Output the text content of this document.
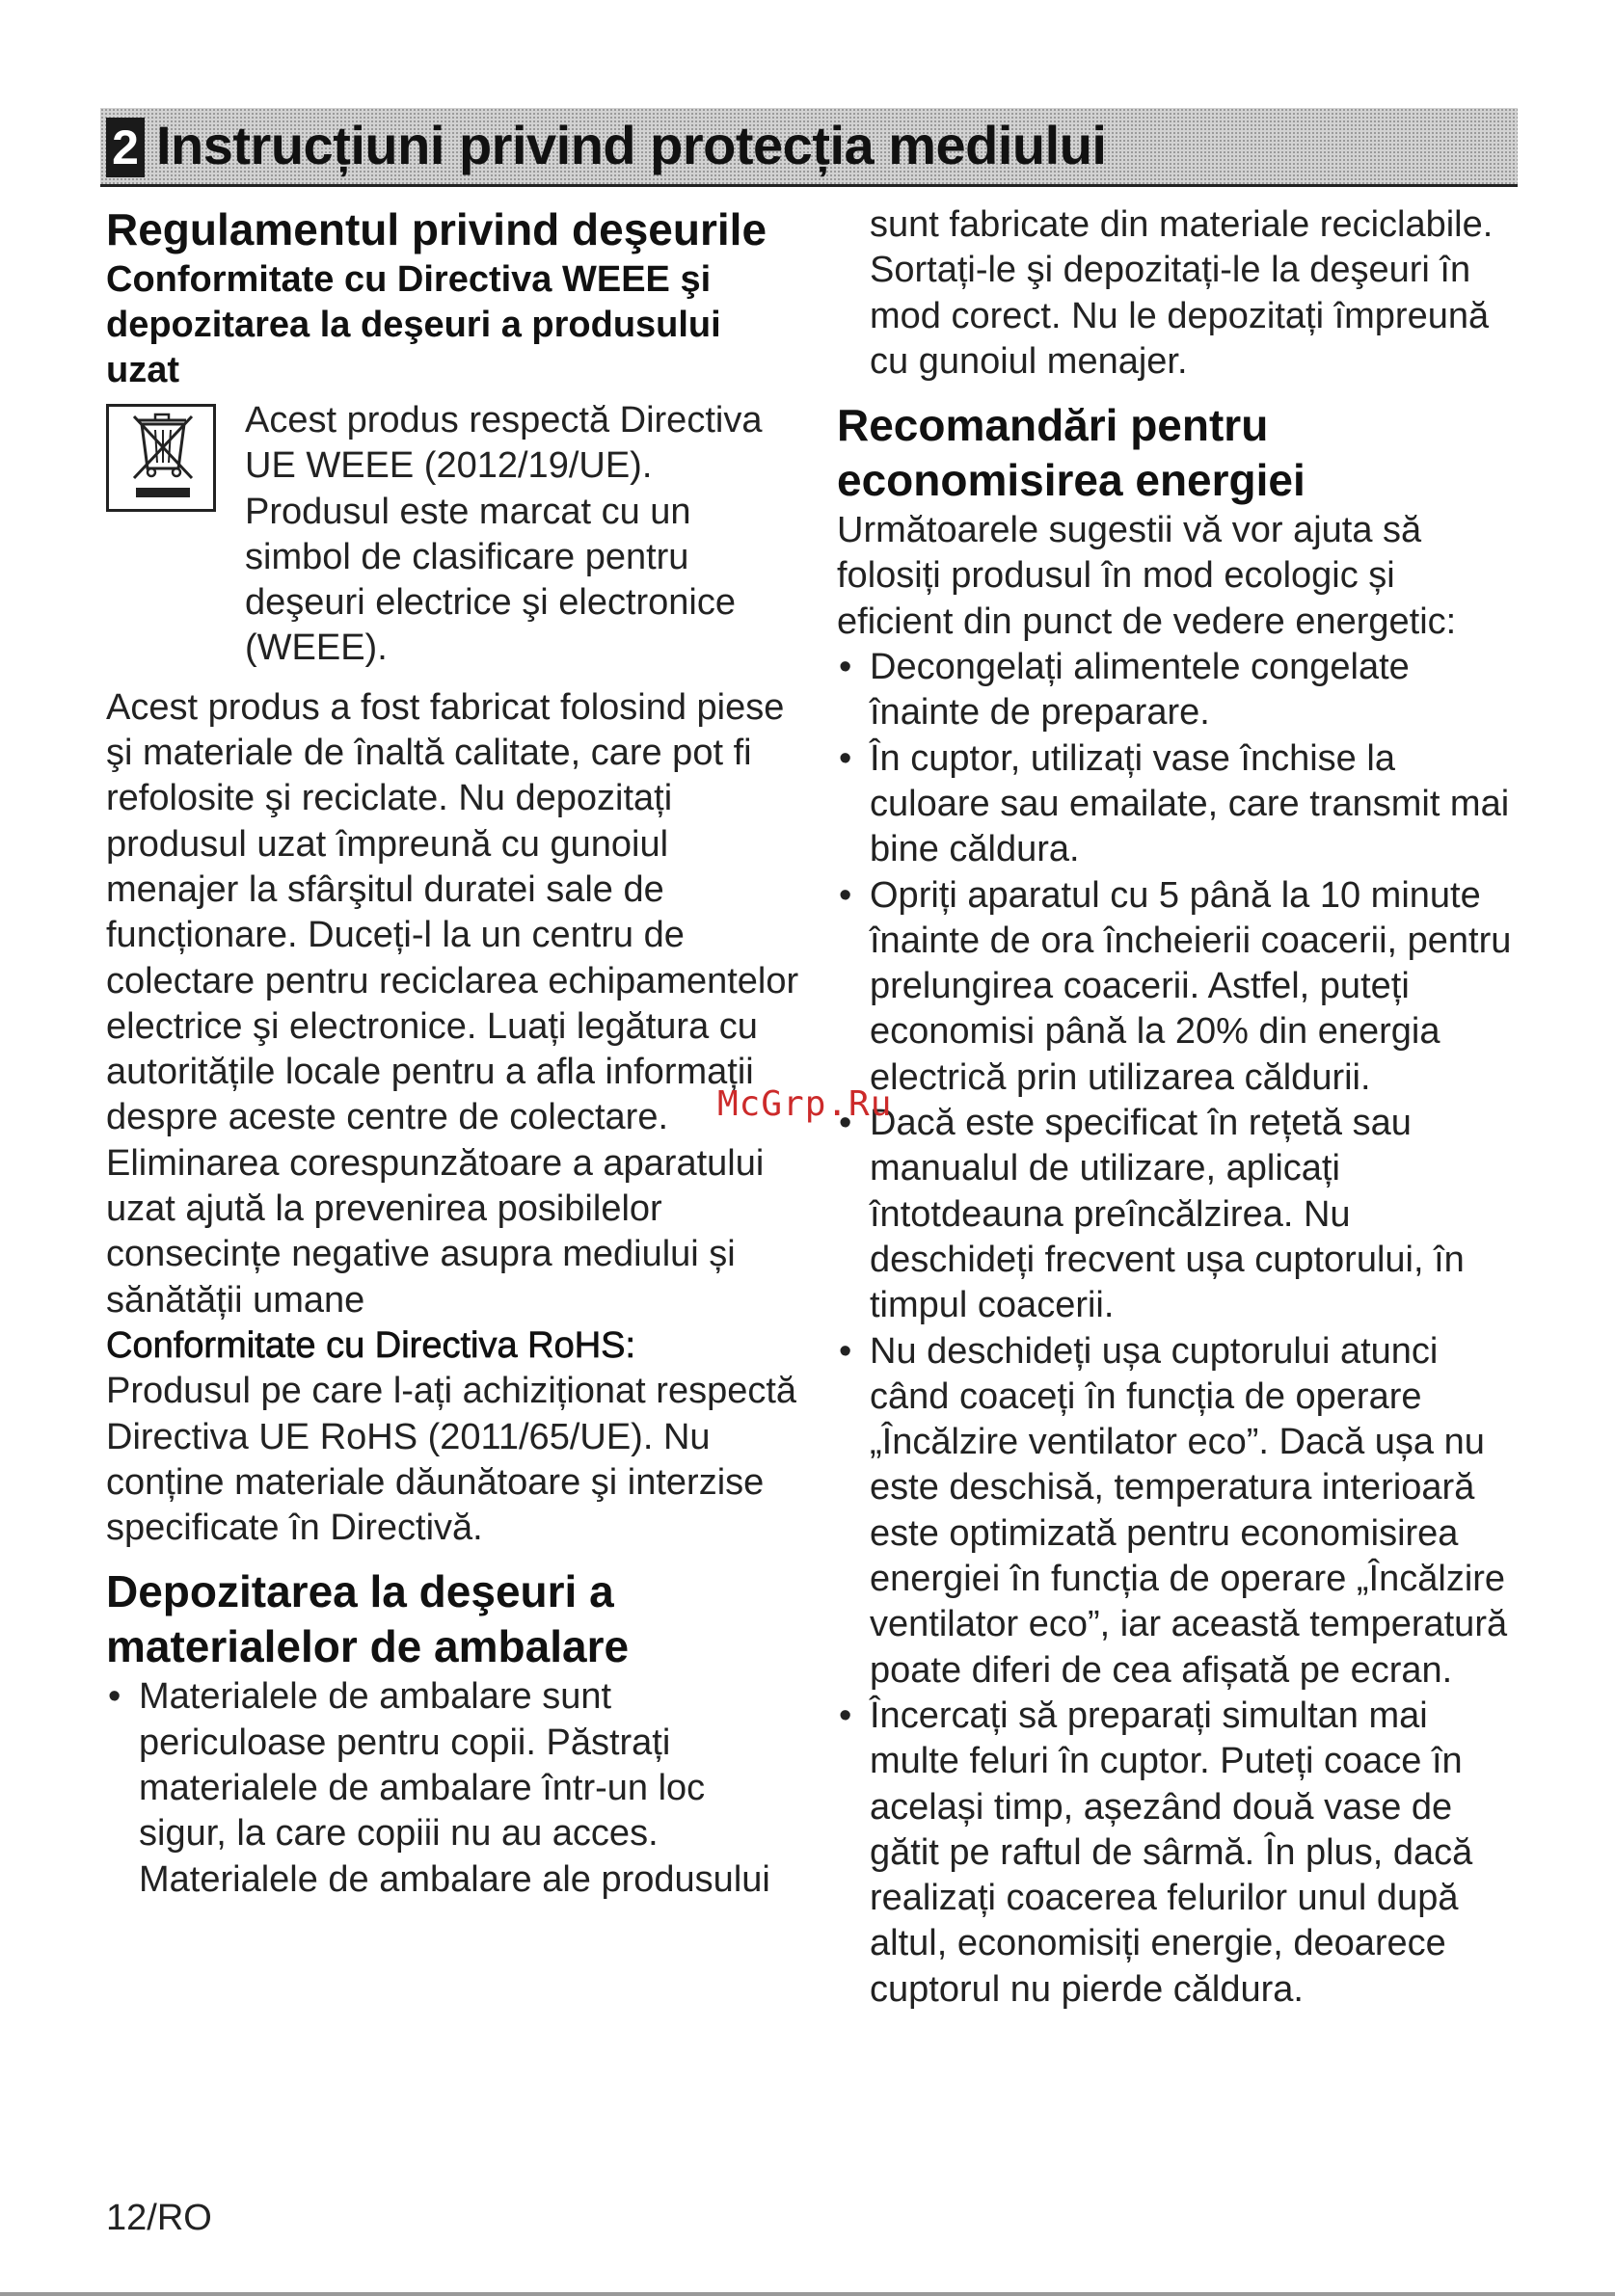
2 Instrucțiuni privind protecția mediului
Regulamentul privind deşeurile
Conformitate cu Directiva WEEE şi depozitarea la deşeuri a produsului uzat

Acest produs respectă Directiva UE WEEE (2012/19/UE). Produsul este marcat cu un simbol de clasificare pentru deşeuri electrice şi electronice (WEEE).

Acest produs a fost fabricat folosind piese şi materiale de înaltă calitate, care pot fi refolosite şi reciclate. Nu depozitați produsul uzat împreună cu gunoiul menajer la sfârşitul duratei sale de funcționare. Duceți-l la un centru de colectare pentru reciclarea echipamentelor electrice şi electronice. Luați legătura cu autoritățile locale pentru a afla informații despre aceste centre de colectare.

Eliminarea corespunzătoare a aparatului uzat ajută la prevenirea posibilelor consecințe negative asupra mediului și sănătății umane

Conformitate cu Directiva RoHS:

Produsul pe care l-ați achiziționat respectă Directiva UE RoHS (2011/65/UE). Nu conține materiale dăunătoare şi interzise specificate în Directivă.

Depozitarea la deşeuri a materialelor de ambalare
• Materialele de ambalare sunt periculoase pentru copii. Păstrați materialele de ambalare într-un loc sigur, la care copiii nu au acces. Materialele de ambalare ale produsului

sunt fabricate din materiale reciclabile. Sortați-le şi depozitați-le la deşeuri în mod corect. Nu le depozitați împreună cu gunoiul menajer.

Recomandări pentru economisirea energiei

Următoarele sugestii vă vor ajuta să folosiți produsul în mod ecologic și eficient din punct de vedere energetic:

• Decongelați alimentele congelate înainte de preparare.
• În cuptor, utilizați vase închise la culoare sau emailate, care transmit mai bine căldura.
• Opriți aparatul cu 5 până la 10 minute înainte de ora încheierii coacerii, pentru prelungirea coacerii. Astfel, puteți economisi până la 20% din energia electrică prin utilizarea căldurii.
• Dacă este specificat în rețetă sau manualul de utilizare, aplicați întotdeauna preîncălzirea. Nu deschideți frecvent ușa cuptorului, în timpul coacerii.
• Nu deschideți ușa cuptorului atunci când coaceți în funcția de operare „Încălzire ventilator eco”. Dacă ușa nu este deschisă, temperatura interioară este optimizată pentru economisirea energiei în funcția de operare „Încălzire ventilator eco”, iar această temperatură poate diferi de cea afișată pe ecran.
• Încercați să preparați simultan mai multe feluri în cuptor. Puteți coace în același timp, așezând două vase de gătit pe raftul de sârmă. În plus, dacă realizați coacerea felurilor unul după altul, economisiți energie, deoarece cuptorul nu pierde căldura.
McGrp.Ru
12/RO
